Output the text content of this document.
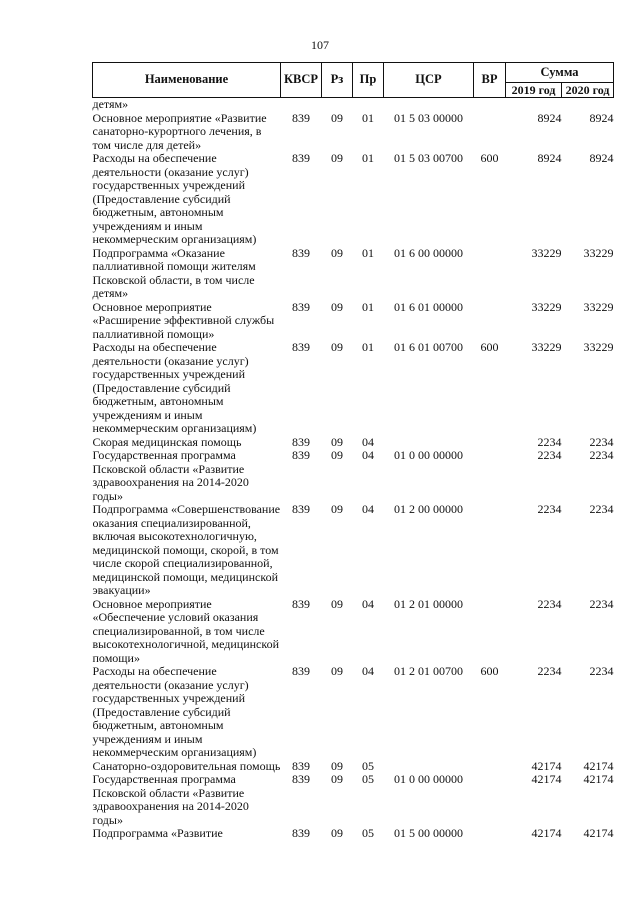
107
Наименование	КВСР	Рз	Пр	ЦСР	ВР	Сумма	
						2019 год	2020 год
детям»							
Основное мероприятие «Развитие санаторно-курортного лечения, в том числе для детей»	839	09	01	01 5 03 00000		8924	8924
Расходы на обеспечение деятельности (оказание услуг) государственных учреждений (Предоставление субсидий бюджетным, автономным учреждениям и иным некоммерческим организациям)	839	09	01	01 5 03 00700	600	8924	8924
Подпрограмма «Оказание паллиативной помощи жителям Псковской области, в том числе детям»	839	09	01	01 6 00 00000		33229	33229
Основное мероприятие «Расширение эффективной службы паллиативной помощи»	839	09	01	01 6 01 00000		33229	33229
Расходы на обеспечение деятельности (оказание услуг) государственных учреждений (Предоставление субсидий бюджетным, автономным учреждениям и иным некоммерческим организациям)	839	09	01	01 6 01 00700	600	33229	33229
Скорая медицинская помощь	839	09	04			2234	2234
Государственная программа Псковской области «Развитие здравоохранения на 2014-2020 годы»	839	09	04	01 0 00 00000		2234	2234
Подпрограмма «Совершенствование оказания специализированной, включая высокотехнологичную, медицинской помощи, скорой, в том числе скорой специализированной, медицинской помощи, медицинской эвакуации»	839	09	04	01 2 00 00000		2234	2234
Основное мероприятие «Обеспечение условий оказания специализированной, в том числе высокотехнологичной, медицинской помощи»	839	09	04	01 2 01 00000		2234	2234
Расходы на обеспечение деятельности (оказание услуг) государственных учреждений (Предоставление субсидий бюджетным, автономным учреждениям и иным некоммерческим организациям)	839	09	04	01 2 01 00700	600	2234	2234
Санаторно-оздоровительная помощь	839	09	05			42174	42174
Государственная программа Псковской области «Развитие здравоохранения на 2014-2020 годы»	839	09	05	01 0 00 00000		42174	42174
Подпрограмма «Развитие	839	09	05	01 5 00 00000		42174	42174
